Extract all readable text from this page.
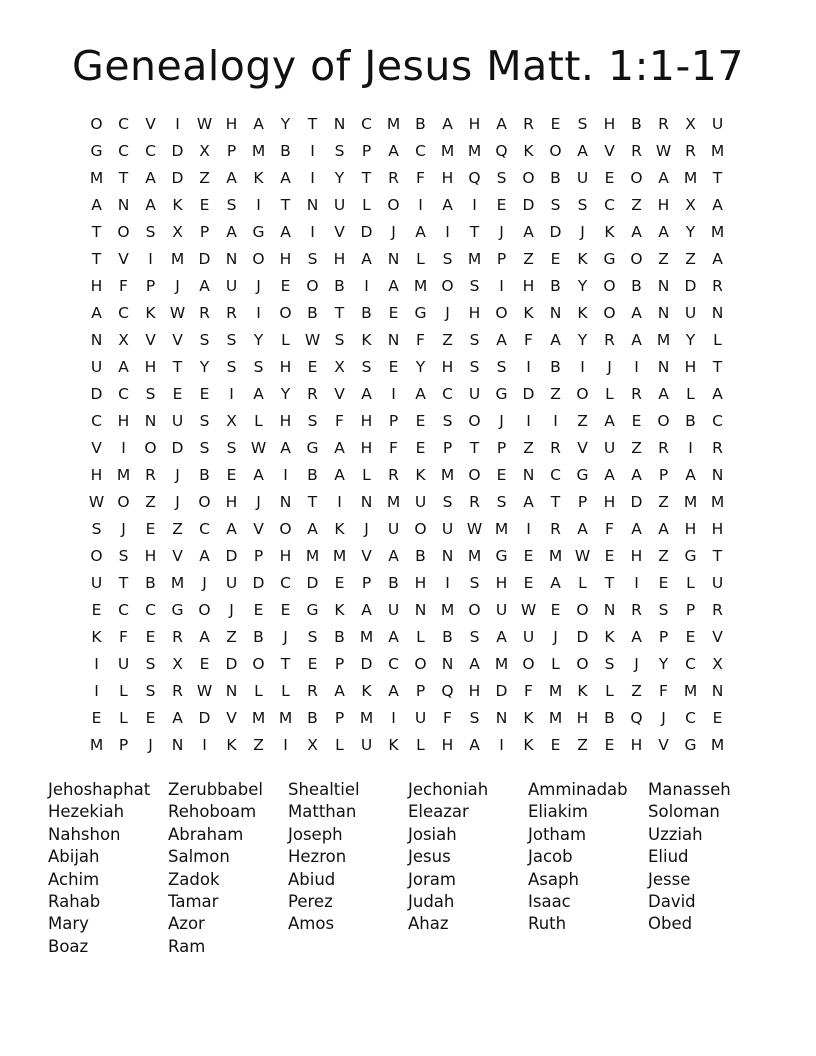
Genealogy of Jesus Matt. 1:1-17
O C	V	I	W H	A	Y	T	N	C M B	A	H	A	R	E	S	H	B	R	X	U
G	C	C	D	X	P	M B	I	S	P	A	C M M Q	K	O	A	V	R W R M
M	T	A	D	Z	A	K	A	I	Y	T	R	F	H Q	S	O	B	U	E	O	A M	T
A	N	A	K	E	S	I	T	N	U	L	O	I	A	I	E	D	S	S	C	Z	H	X	A
T	O	S	X	P	A	G	A	I	V	D	J	A	I	T	J	A	D	J	K	A	A	Y	M
T	V	I	M D N O H	S	H	A	N	L	S M	P	Z	E	K	G O	Z	Z	A
H	F	P	J	A	U	J	E	O	B	I	A M O	S	I	H	B	Y	O	B	N D	R
A	C	K W R	R	I	O	B	T	B	E	G	J	H O	K	N	K	O	A	N	U	N
N	X	V	V	S	S	Y	L W S	K	N	F	Z	S	A	F	A	Y	R	A M	Y	L
U	A	H	T	Y	S	S	H	E	X	S	E	Y	H	S	S	I	B	I	J	I	N H	T
D	C	S	E	E	I	A	Y	R	V	A	I	A	C	U G D	Z	O	L	R	A	L	A
C	H N	U	S	X	L	H	S	F	H	P	E	S	O	J	I	I	Z	A	E	O	B	C
V	I	O D	S	S W A	G	A	H	F	E	P	T	P	Z	R	V	U	Z	R	I	R
H M R	J	B	E	A	I	B	A	L	R	K M O	E	N	C	G	A	A	P	A	N
W O	Z	J	O H	J	N	T	I	N M U	S	R	S	A	T	P	H D	Z M M
S	J	E	Z	C	A	V	O	A	K	J	U O U W M	I	R	A	F	A	A	H H
O	S	H	V	A	D	P	H M M V	A	B	N M G	E M W E	H	Z	G	T
U	T	B M	J	U D	C	D	E	P	B	H	I	S	H	E	A	L	T	I	E	L	U
E	C	C	G O	J	E	E	G	K	A	U	N M O U W E	O N	R	S	P	R
K	F	E	R	A	Z	B	J	S	B M A	L	B	S	A	U	J	D	K	A	P	E	V
I	U	S	X	E	D O	T	E	P	D	C O N	A M O	L	O	S	J	Y	C	X
I	L	S	R W N	L	L	R	A	K	A	P	Q H D	F	M K	L	Z	F	M N
E	L	E	A	D	V M M B	P	M	I	U	F	S	N	K M H	B	Q	J	C	E
M	P	J	N	I	K	Z	I	X	L	U	K	L	H	A	I	K	E	Z	E	H	V	G M
Jehoshaphat	Zerubbabel	Shealtiel	Jechoniah	Amminadab	Manasseh
Hezekiah	Rehoboam	Matthan	Eleazar	Eliakim	Soloman
Nahshon	Abraham	Joseph	Josiah	Jotham	Uzziah
Abijah	Salmon	Hezron	Jesus	Jacob	Eliud
Achim	Zadok	Abiud	Joram	Asaph	Jesse
Rahab	Tamar	Perez	Judah	Isaac	David
Mary	Azor	Amos	Ahaz	Ruth	Obed
Boaz	Ram
